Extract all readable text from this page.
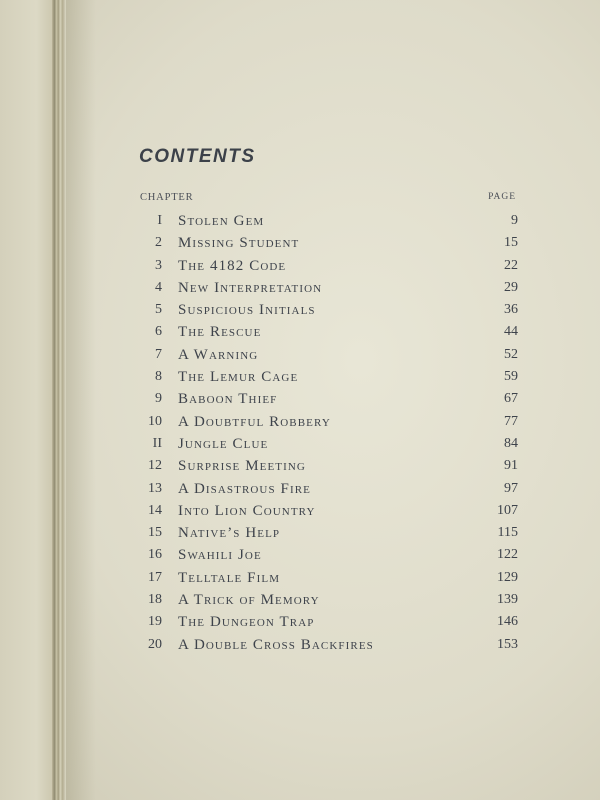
CONTENTS
CHAPTER	PAGE
I Stolen Gem	9
2 Missing Student	15
3 The 4182 Code	22
4 New Interpretation	29
5 Suspicious Initials	36
6 The Rescue	44
7 A Warning	52
8 The Lemur Cage	59
9 Baboon Thief	67
10 A Doubtful Robbery	77
II Jungle Clue	84
12 Surprise Meeting	91
13 A Disastrous Fire	97
14 Into Lion Country	107
15 Native’s Help	115
16 Swahili Joe	122
17 Telltale Film	129
18 A Trick of Memory	139
19 The Dungeon Trap	146
20 A Double Cross Backfires	153
